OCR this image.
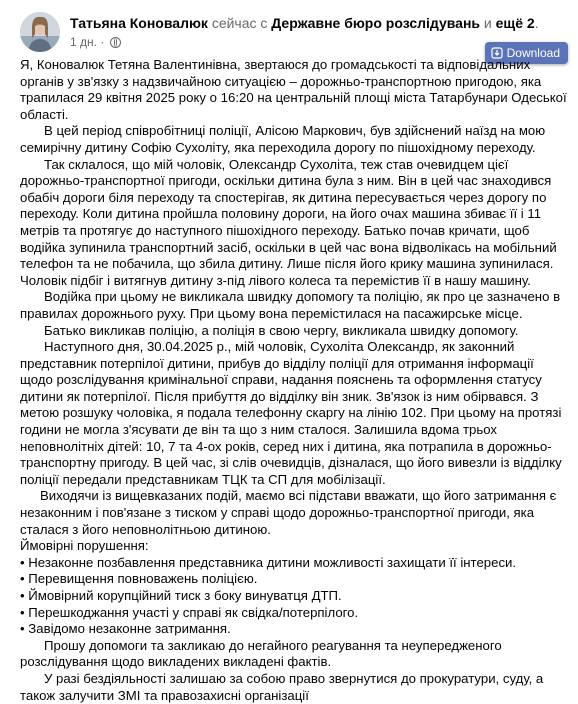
Татьяна Коновалюк сейчас с Державне бюро розслідувань и ещё 2.
1 дн. ·
Download

Я, Коновалюк Тетяна Валентинівна, звертаюся до громадськості та відповідальних органів у зв'язку з надзвичайною ситуацією – дорожньо-транспортною пригодою, яка трапилася 29 квітня 2025 року о 16:20 на центральній площі міста Татарбунари Одеської області.

В цей період співробітниці поліції, Алісою Маркович, був здійснений наїзд на мою семирічну дитину Софію Сухоліту, яка переходила дорогу по пішохідному переходу.

Так склалося, що мій чоловік, Олександр Сухоліта, теж став очевидцем цієї дорожньо-транспортної пригоди, оскільки дитина була з ним. Він в цей час знаходився обабіч дороги біля переходу та спостерігав, як дитина пересувається через дорогу по переходу. Коли дитина пройшла половину дороги, на його очах машина збиває її і 11 метрів та протягує до наступного пішохідного переходу. Батько почав кричати, щоб водійка зупинила транспортний засіб, оскільки в цей час вона відволікась на мобільний телефон та не побачила, що збила дитину. Лише після його крику машина зупинилася. Чоловік підбіг і витягнув дитину з-під лівого колеса та перемістив її в нашу машину.

Водійка при цьому не викликала швидку допомогу та поліцію, як про це зазначено в правилах дорожнього руху. При цьому вона перемістилася на пасажирське місце.

Батько викликав поліцію, а поліція в свою чергу, викликала швидку допомогу.

Наступного дня, 30.04.2025 р., мій чоловік, Сухоліта Олександр, як законний представник потерпілої дитини, прибув до відділу поліції для отримання інформації щодо розслідування кримінальної справи, надання пояснень та оформлення статусу дитини як потерпілої. Після прибуття до відділку він зник. Зв'язок із ним обірвався. З метою розшуку чоловіка, я подала телефонну скаргу на лінію 102. При цьому на протязі години не могла з'ясувати де він та що з ним сталося. Залишила вдома трьох неповнолітніх дітей: 10, 7 та 4-ох років, серед них і дитина, яка потрапила в дорожньо-транспортну пригоду. В цей час, зі слів очевидців, дізналася, що його вивезли із відділку поліції передали представникам ТЦК та СП для мобілізації.

Виходячи із вищевказаних подій, маємо всі підстави вважати, що його затримання є незаконним і пов'язане з тиском у справі щодо дорожньо-транспортної пригоди, яка сталася з його неповнолітньою дитиною.

Ймовірні порушення:

• Незаконне позбавлення представника дитини можливості захищати її інтереси.

• Перевищення повноважень поліцією.

• Ймовірний корупційний тиск з боку винуватця ДТП.

• Перешкоджання участі у справі як свідка/потерпілого.

• Завідомо незаконне затримання.

Прошу допомоги та закликаю до негайного реагування та неупередженого розслідування щодо викладених викладені фактів.

У разі бездіяльності залишаю за собою право звернутися до прокуратури, суду, а також залучити ЗМІ та правозахисні організації
